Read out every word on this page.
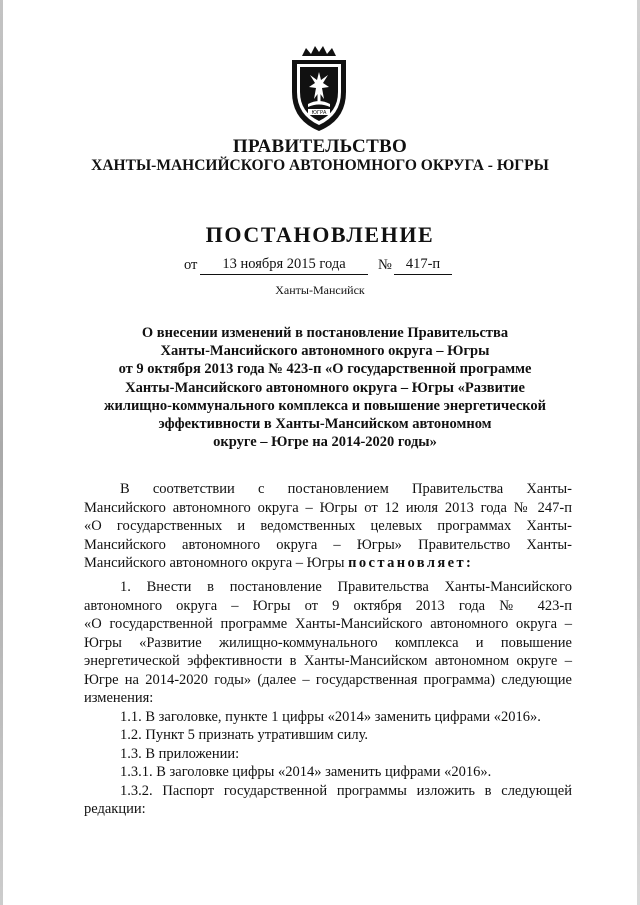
ЮГРА
ПРАВИТЕЛЬСТВО
ХАНТЫ-МАНСИЙСКОГО АВТОНОМНОГО ОКРУГА - ЮГРЫ
ПОСТАНОВЛЕНИЕ
от	13 ноября 2015 года	№ 417-п
Ханты-Мансийск
О внесении изменений в постановление Правительства
Ханты-Мансийского автономного округа – Югры
от 9 октября 2013 года № 423-п «О государственной программе
Ханты-Мансийского автономного округа – Югры «Развитие
жилищно-коммунального комплекса и повышение энергетической
эффективности в Ханты-Мансийском автономном
округе – Югре на 2014-2020 годы»
В соответствии с постановлением Правительства Ханты-
Мансийского автономного округа – Югры от 12 июля 2013 года № 247-п
«О государственных и ведомственных целевых программах Ханты-
Мансийского автономного округа – Югры» Правительство Ханты-
Мансийского автономного округа – Югры постановляет:
1. Внести в постановление Правительства Ханты-Мансийского
автономного округа – Югры от 9 октября 2013 года № 423-п
«О государственной программе Ханты-Мансийского автономного округа –
Югры «Развитие жилищно-коммунального комплекса и повышение
энергетической эффективности в Ханты-Мансийском автономном округе –
Югре на 2014-2020 годы» (далее – государственная программа) следующие
изменения:
1.1. В заголовке, пункте 1 цифры «2014» заменить цифрами «2016».
1.2. Пункт 5 признать утратившим силу.
1.3. В приложении:
1.3.1. В заголовке цифры «2014» заменить цифрами «2016».
1.3.2. Паспорт государственной программы изложить в следующей
редакции:
